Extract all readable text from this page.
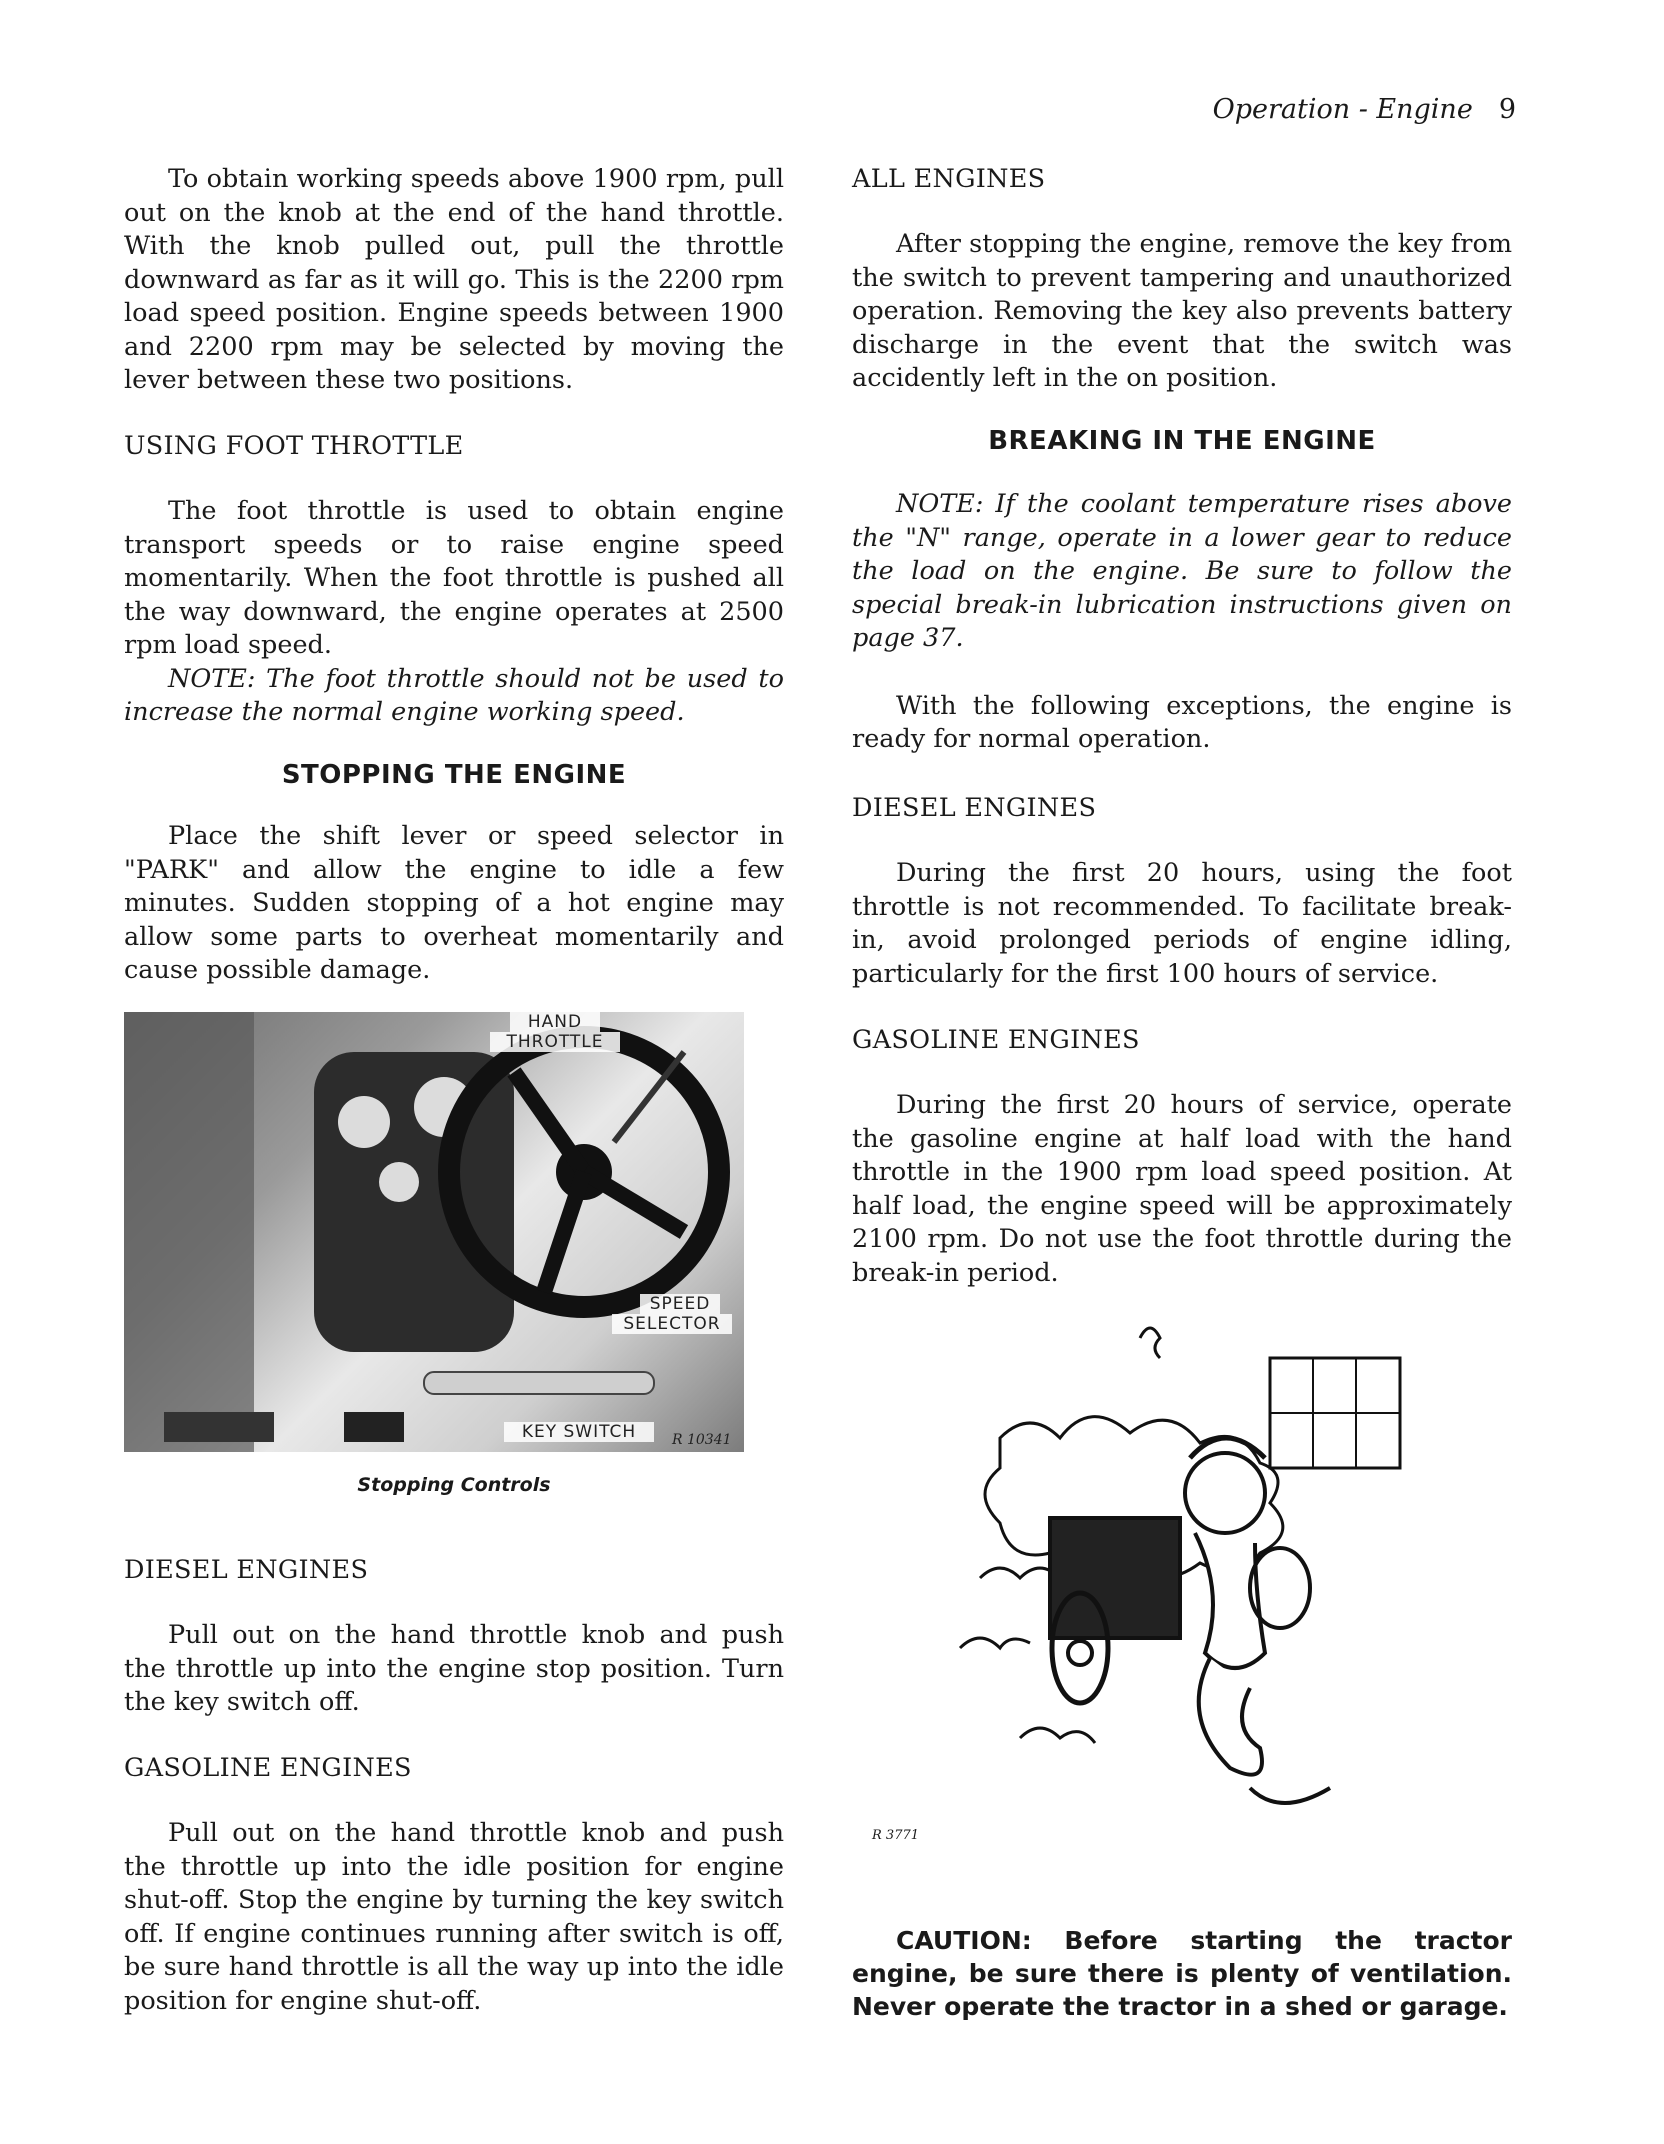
Operation - Engine 9

To obtain working speeds above 1900 rpm, pull out on the knob at the end of the hand throttle. With the knob pulled out, pull the throttle downward as far as it will go. This is the 2200 rpm load speed position. Engine speeds between 1900 and 2200 rpm may be selected by moving the lever between these two positions.

USING FOOT THROTTLE

The foot throttle is used to obtain engine transport speeds or to raise engine speed momentarily. When the foot throttle is pushed all the way downward, the engine operates at 2500 rpm load speed.

NOTE: The foot throttle should not be used to increase the normal engine working speed.

STOPPING THE ENGINE

Place the shift lever or speed selector in "PARK" and allow the engine to idle a few minutes. Sudden stopping of a hot engine may allow some parts to overheat momentarily and cause possible damage.

HAND
THROTTLE
SPEED
SELECTOR
KEY SWITCH	R 10341
Stopping Controls

DIESEL ENGINES

Pull out on the hand throttle knob and push the throttle up into the engine stop position. Turn the key switch off.

GASOLINE ENGINES

Pull out on the hand throttle knob and push the throttle up into the idle position for engine shut-off. Stop the engine by turning the key switch off. If engine continues running after switch is off, be sure hand throttle is all the way up into the idle position for engine shut-off.

ALL ENGINES

After stopping the engine, remove the key from the switch to prevent tampering and unauthorized operation. Removing the key also prevents battery discharge in the event that the switch was accidently left in the on position.

BREAKING IN THE ENGINE

NOTE: If the coolant temperature rises above the "N" range, operate in a lower gear to reduce the load on the engine. Be sure to follow the special break-in lubrication instructions given on page 37.

With the following exceptions, the engine is ready for normal operation.

DIESEL ENGINES

During the first 20 hours, using the foot throttle is not recommended. To facilitate break-in, avoid prolonged periods of engine idling, particularly for the first 100 hours of service.

GASOLINE ENGINES

During the first 20 hours of service, operate the gasoline engine at half load with the hand throttle in the 1900 rpm load speed position. At half load, the engine speed will be approximately 2100 rpm. Do not use the foot throttle during the break-in period.

R 3771

CAUTION: Before starting the tractor engine, be sure there is plenty of ventilation. Never operate the tractor in a shed or garage.
